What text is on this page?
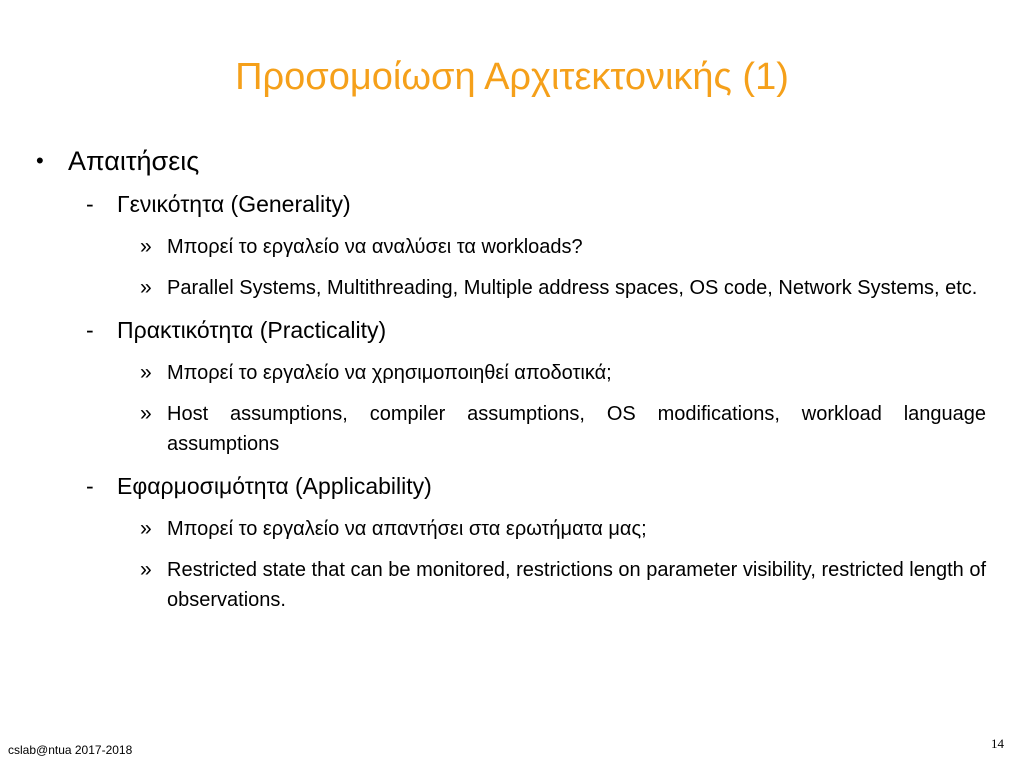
Προσομοίωση Αρχιτεκτονικής (1)
• Απαιτήσεις
- Γενικότητα (Generality)
» Μπορεί το εργαλείο να αναλύσει τα workloads?
» Parallel Systems, Multithreading, Multiple address spaces, OS code, Network Systems, etc.
- Πρακτικότητα (Practicality)
» Μπορεί το εργαλείο να χρησιμοποιηθεί αποδοτικά;
» Host assumptions, compiler assumptions, OS modifications, workload language assumptions
- Εφαρμοσιμότητα (Applicability)
» Μπορεί το εργαλείο να απαντήσει στα ερωτήματα μας;
» Restricted state that can be monitored, restrictions on parameter visibility, restricted length of observations.
cslab@ntua 2017-2018	14
